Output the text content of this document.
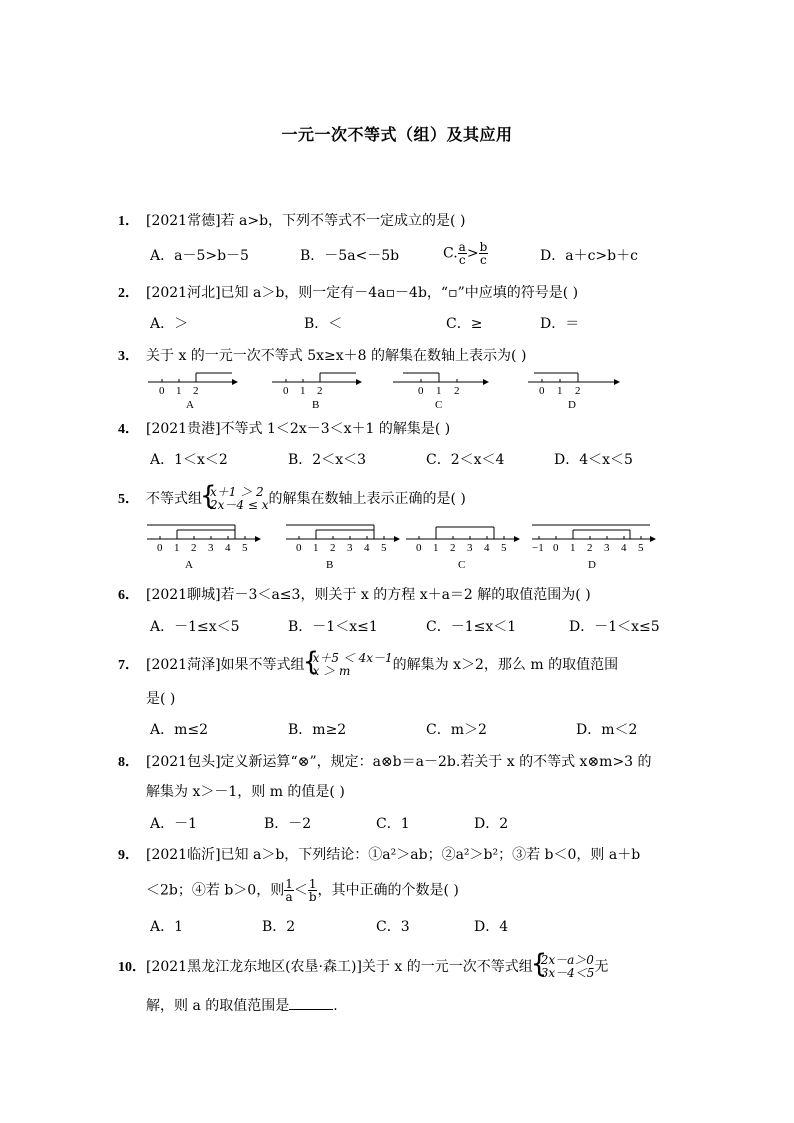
一元一次不等式（组）及其应用
1． [2021常德]若 a>b，下列不等式不一定成立的是( )
A．a－5>b－5	B．－5a<－5b	C. $\frac{a}{c} > \frac{b}{c}$	D．a＋c>b＋c
2． [2021河北]已知 a＞b，则一定有－4a▫－4b，“▫”中应填的符号是( )
A．＞	B．＜	C．≥	D．＝
3． 关于 x 的一元一次不等式 5x≥x＋8 的解集在数轴上表示为( )
0 1 2
A
0 1 2
B
0 1 2
C
0 1 2
D
4． [2021贵港]不等式 1＜2x－3＜x＋1 的解集是( )
A．1＜x＜2	B．2＜x＜3	C．2＜x＜4	D．4＜x＜5
5． 不等式组 { x＋1 ＞ 2
2x－4 ≤ x 的解集在数轴上表示正确的是( )
0 1 2 3 4 5
A
0 1 2 3 4 5
B
0 1 2 3 4 5
C
−1 0 1 2 3 4 5
D
6． [2021聊城]若－3＜a≤3，则关于 x 的方程 x＋a＝2 解的取值范围为( )
A．－1≤x＜5	B．－1＜x≤1	C．－1≤x＜1	D．－1＜x≤5
7． [2021菏泽]如果不等式组 { x＋5 ＜ 4x－1
x ＞ m	的解集为 x＞2，那么 m 的取值范围
是( )
A．m≤2	B．m≥2	C．m＞2	D．m＜2
8． [2021包头]定义新运算“⊗”，规定：a⊗b＝a－2b.若关于 x 的不等式 x⊗m>3 的
解集为 x＞－1，则 m 的值是( )
A．－1	B．－2	C．1	D．2
9． [2021临沂]已知 a＞b，下列结论：①a²＞ab；②a²＞b²；③若 b＜0，则 a＋b
＜2b；④若 b＞0，则 $\frac{1}{a} < \frac{1}{b}$ ，其中正确的个数是( )
A．1	B．2	C．3	D．4
10．[2021黑龙江龙东地区(农垦·森工)]关于 x 的一元一次不等式组 { 2x－a＞0
3x－4＜5 无
解，则 a 的取值范围是	.
